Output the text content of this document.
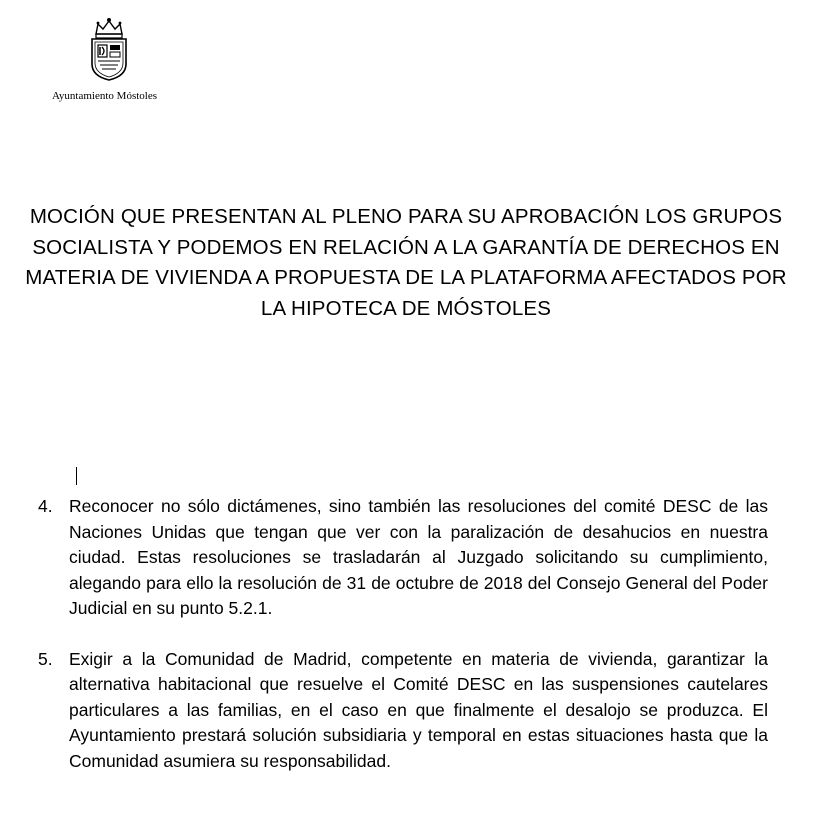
Ayuntamiento Móstoles
MOCIÓN QUE PRESENTAN AL PLENO PARA SU APROBACIÓN LOS GRUPOS
SOCIALISTA Y PODEMOS EN RELACIÓN A LA GARANTÍA DE DERECHOS EN
MATERIA DE VIVIENDA A PROPUESTA DE LA PLATAFORMA AFECTADOS POR LA HIPOTECA DE MÓSTOLES
4. Reconocer no sólo dictámenes, sino también las resoluciones del comité DESC de las Naciones Unidas que tengan que ver con la paralización de desahucios en nuestra ciudad. Estas resoluciones se trasladarán al Juzgado solicitando su cumplimiento, alegando para ello la resolución de 31 de octubre de 2018 del Consejo General del Poder Judicial en su punto 5.2.1.
5. Exigir a la Comunidad de Madrid, competente en materia de vivienda, garantizar la alternativa habitacional que resuelve el Comité DESC en las suspensiones cautelares particulares a las familias, en el caso en que finalmente el desalojo se produzca. El Ayuntamiento prestará solución subsidiaria y temporal en estas situaciones hasta que la Comunidad asumiera su responsabilidad.
